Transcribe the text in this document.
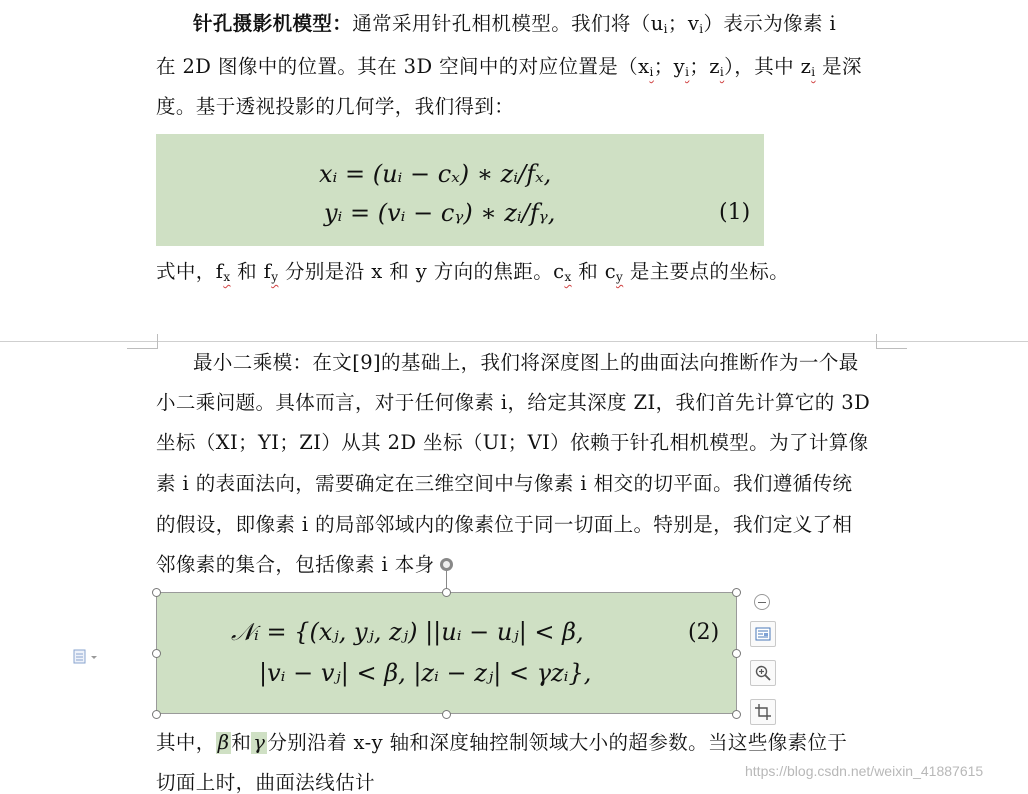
针孔摄影机模型：通常采用针孔相机模型。我们将（$u_i$；$v_i$）表示为像素 i
在 2D 图像中的位置。其在 3D 空间中的对应位置是（$x_i$；$y_i$；$z_i$），其中 $z_i$ 是深
度。基于透视投影的几何学，我们得到：
xᵢ = (uᵢ − cₓ) ∗ zᵢ/fₓ,
yᵢ = (vᵢ − cᵧ) ∗ zᵢ/fᵧ,	(1)
式中，$f_x$ 和 $f_y$ 分别是沿 x 和 y 方向的焦距。$c_x$ 和 $c_y$ 是主要点的坐标。
最小二乘模：在文[9]的基础上，我们将深度图上的曲面法向推断作为一个最
小二乘问题。具体而言，对于任何像素 i，给定其深度 ZI，我们首先计算它的 3D
坐标（XI；YI；ZI）从其 2D 坐标（UI；VI）依赖于针孔相机模型。为了计算像
素 i 的表面法向，需要确定在三维空间中与像素 i 相交的切平面。我们遵循传统
的假设，即像素 i 的局部邻域内的像素位于同一切面上。特别是，我们定义了相
邻像素的集合，包括像素 i 本身
𝒩ᵢ = {(xⱼ, yⱼ, zⱼ) ||uᵢ − uⱼ| < β,
|vᵢ − vⱼ| < β, |zᵢ − zⱼ| < γzᵢ},
(2)
其中， β 和 γ 分别沿着 x-y 轴和深度轴控制领域大小的超参数。当这些像素位于
切面上时，曲面法线估计	https://blog.csdn.net/weixin_41887615
